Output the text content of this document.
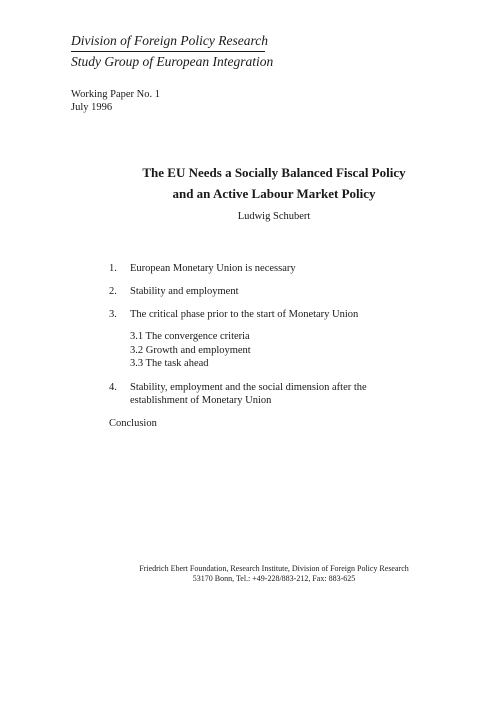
Division of Foreign Policy Research
Study Group of European Integration
Working Paper No. 1
July 1996
The EU Needs a Socially Balanced Fiscal Policy
and an Active Labour Market Policy
Ludwig Schubert
1.	European Monetary Union is necessary
2.	Stability and employment
3.	The critical phase prior to the start of Monetary Union
3.1 The convergence criteria
3.2 Growth and employment
3.3 The task ahead
4.	Stability, employment and the social dimension after the establishment of Monetary Union
Conclusion
Friedrich Ebert Foundation, Research Institute, Division of Foreign Policy Research
53170 Bonn, Tel.: +49-228/883-212, Fax: 883-625
